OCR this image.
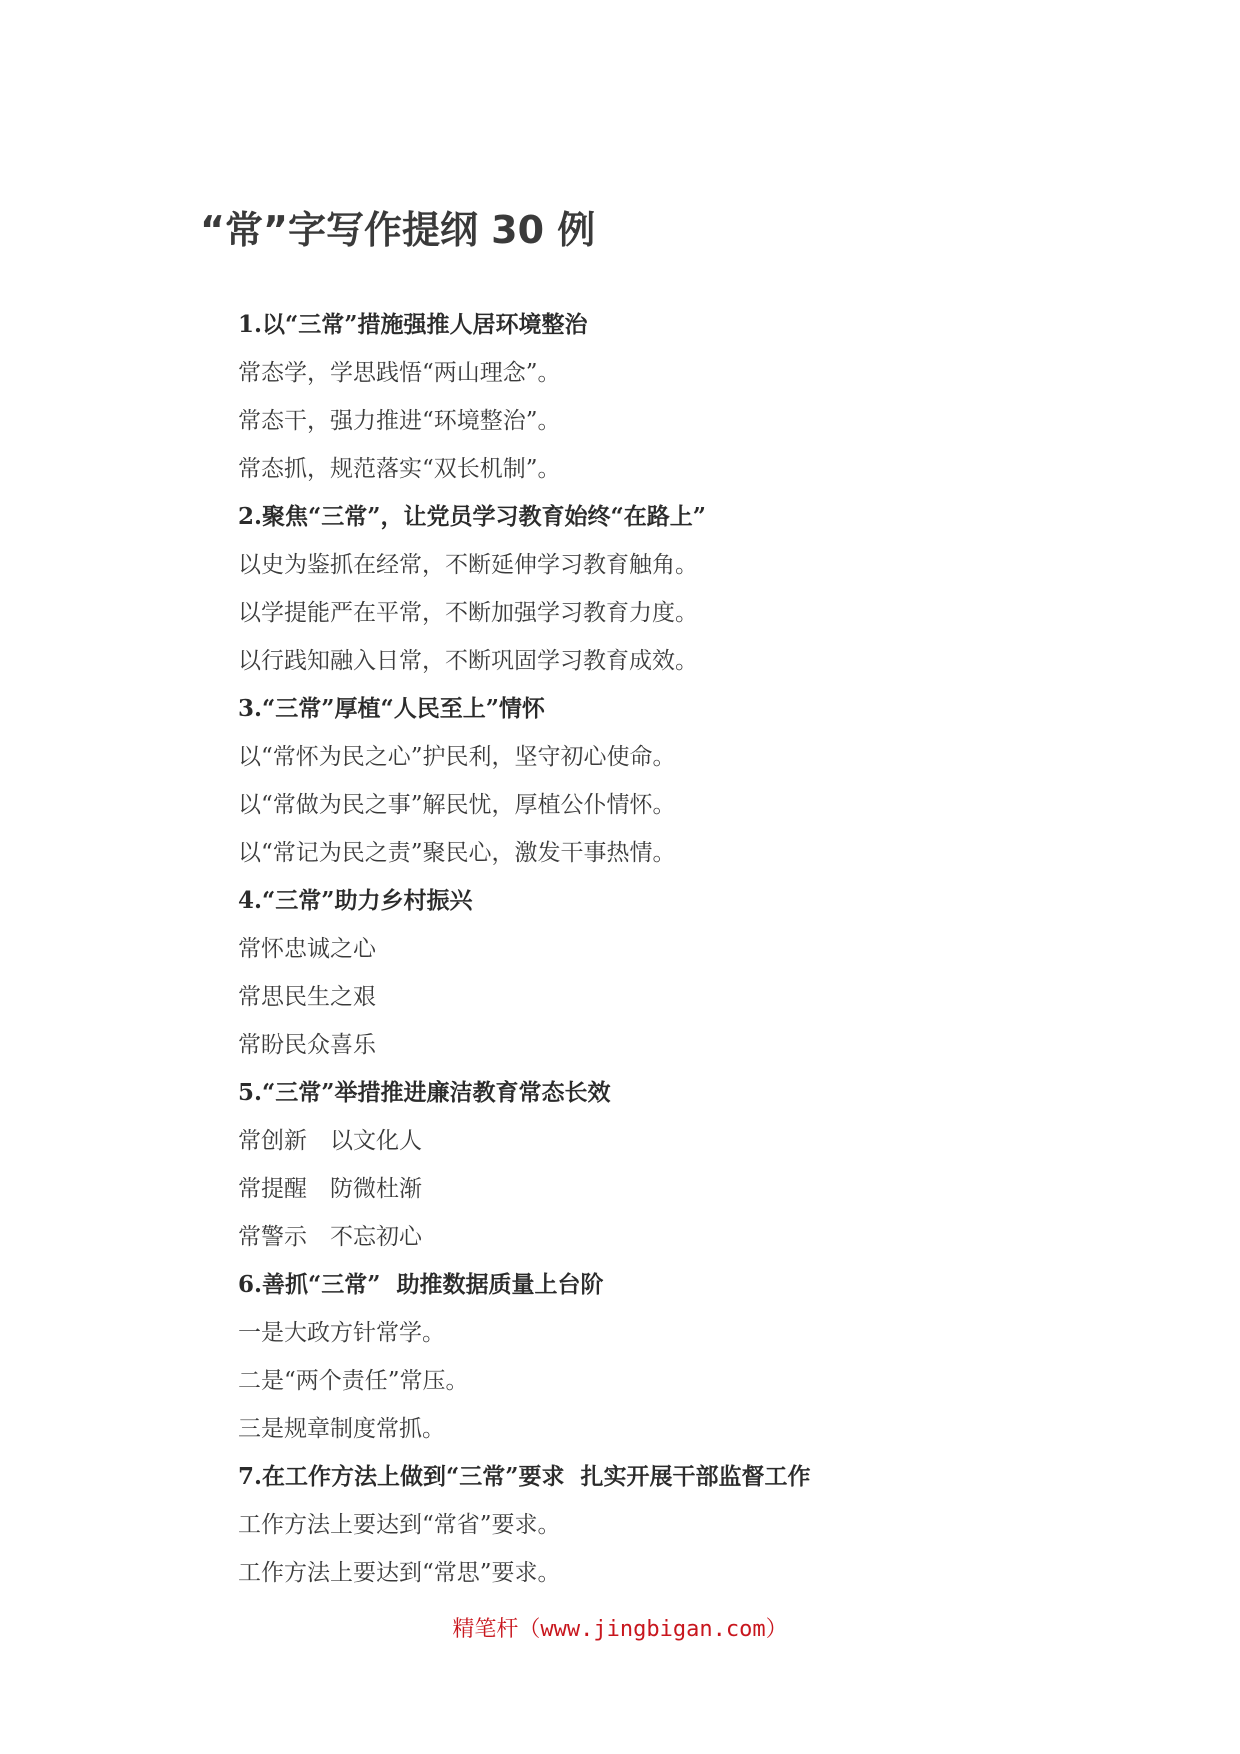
“常”字写作提纲 30 例
1.以“三常”措施强推人居环境整治
常态学，学思践悟“两山理念”。
常态干，强力推进“环境整治”。
常态抓，规范落实“双长机制”。
2.聚焦“三常”，让党员学习教育始终“在路上”
以史为鉴抓在经常，不断延伸学习教育触角。
以学提能严在平常，不断加强学习教育力度。
以行践知融入日常，不断巩固学习教育成效。
3.“三常”厚植“人民至上”情怀
以“常怀为民之心”护民利，坚守初心使命。
以“常做为民之事”解民忧，厚植公仆情怀。
以“常记为民之责”聚民心，激发干事热情。
4.“三常”助力乡村振兴
常怀忠诚之心
常思民生之艰
常盼民众喜乐
5.“三常”举措推进廉洁教育常态长效
常创新　以文化人
常提醒　防微杜渐
常警示　不忘初心
6.善抓“三常”  助推数据质量上台阶
一是大政方针常学。
二是“两个责任”常压。
三是规章制度常抓。
7.在工作方法上做到“三常”要求  扎实开展干部监督工作
工作方法上要达到“常省”要求。
工作方法上要达到“常思”要求。
精笔杆（www.jingbigan.com）
